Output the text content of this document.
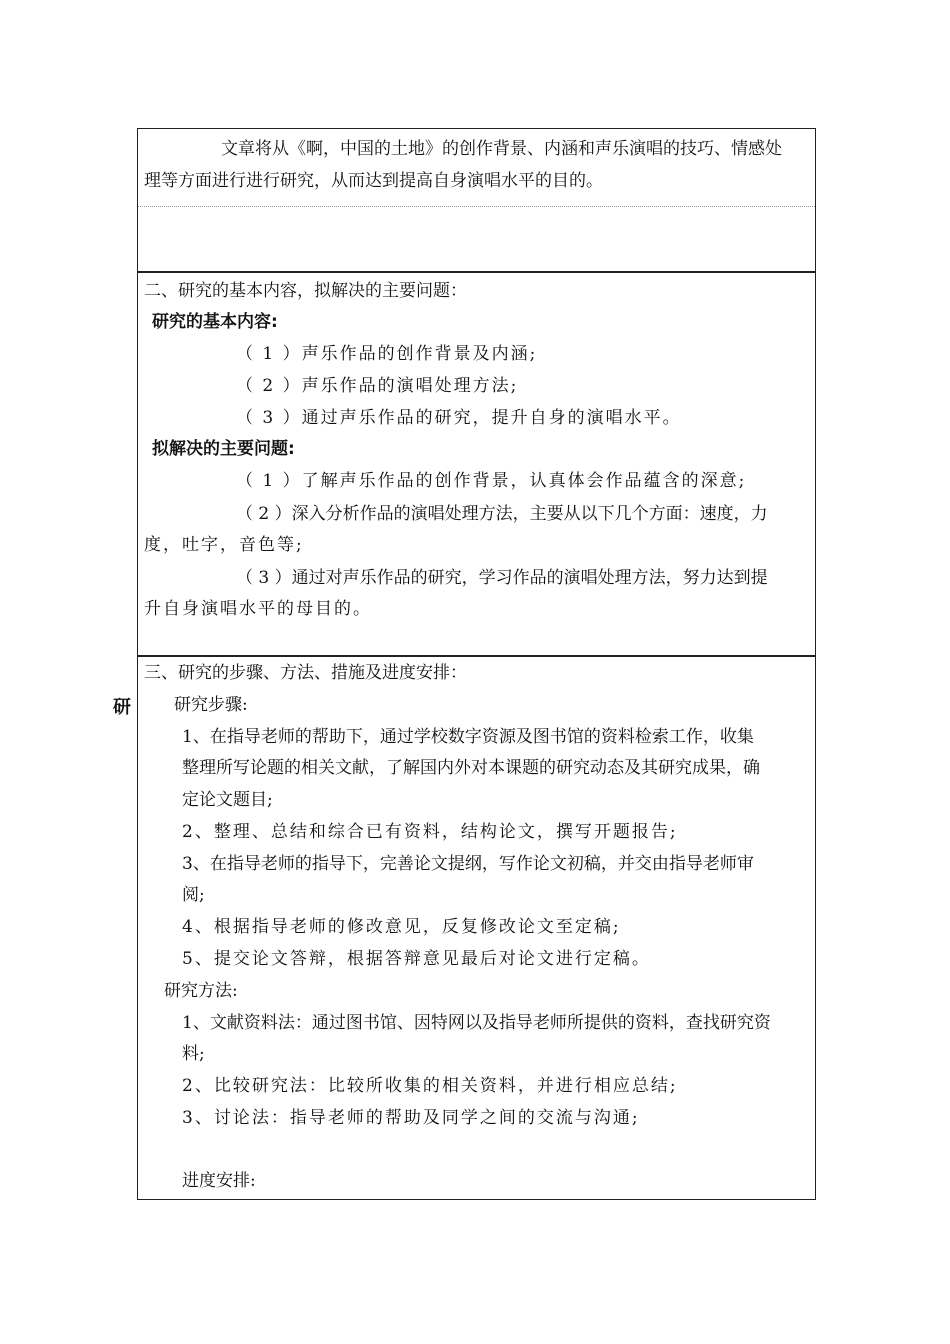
文章将从《啊，中国的土地》的创作背景、内涵和声乐演唱的技巧、情感处
理等方面进行进行研究，从而达到提高自身演唱水平的目的。
二、研究的基本内容，拟解决的主要问题：
研究的基本内容:
（ 1 ）声乐作品的创作背景及内涵;
（ 2 ）声乐作品的演唱处理方法;
（ 3 ）通过声乐作品的研究，提升自身的演唱水平。
拟解决的主要问题:
（ 1 ）了解声乐作品的创作背景，认真体会作品蕴含的深意;
（ 2 ）深入分析作品的演唱处理方法，主要从以下几个方面：速度，力
度，吐字，音色等;
（ 3 ）通过对声乐作品的研究，学习作品的演唱处理方法，努力达到提
升自身演唱水平的母目的。
研
三、研究的步骤、方法、措施及进度安排：
研究步骤:
1、在指导老师的帮助下，通过学校数字资源及图书馆的资料检索工作，收集
整理所写论题的相关文献，了解国内外对本课题的研究动态及其研究成果，确
定论文题目;
2、整理、总结和综合已有资料，结构论文，撰写开题报告;
3、在指导老师的指导下，完善论文提纲，写作论文初稿，并交由指导老师审
阅;
4、根据指导老师的修改意见，反复修改论文至定稿;
5、提交论文答辩，根据答辩意见最后对论文进行定稿。
研究方法:
1、文献资料法：通过图书馆、因特网以及指导老师所提供的资料，查找研究资
料;
2、比较研究法：比较所收集的相关资料，并进行相应总结;
3、讨论法：指导老师的帮助及同学之间的交流与沟通;
进度安排:
